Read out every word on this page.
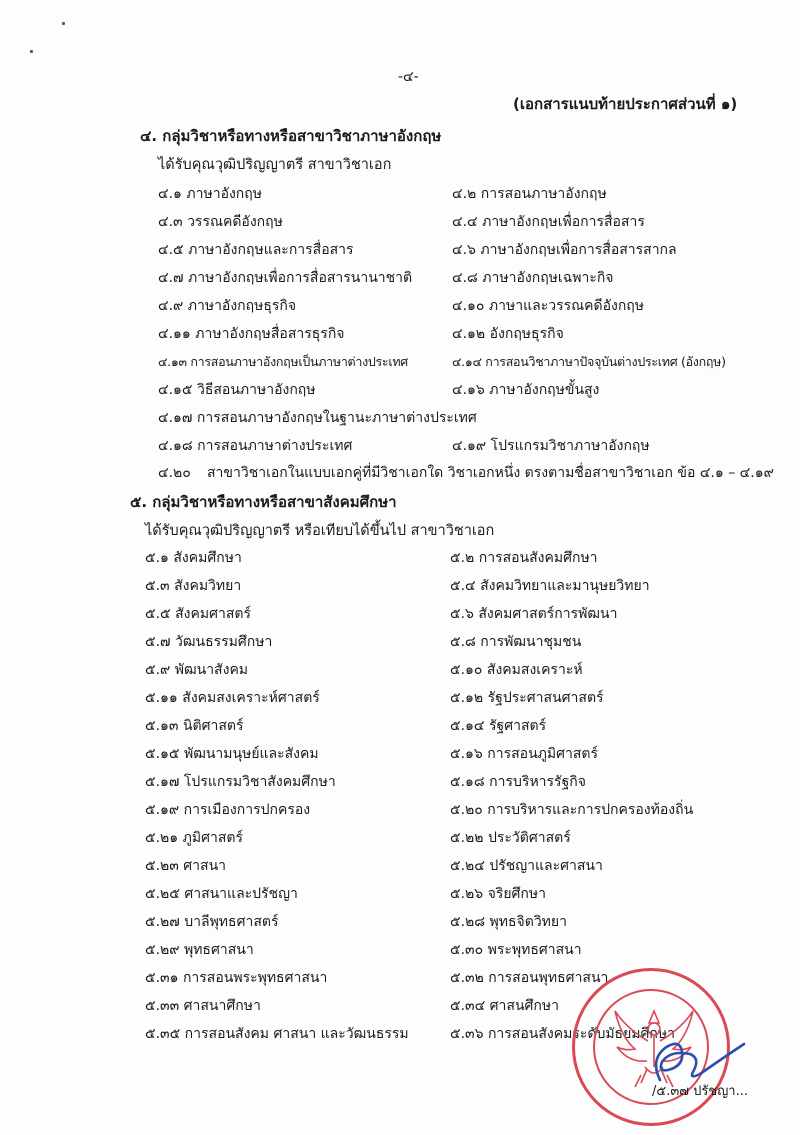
-๔-
(เอกสารแนบท้ายประกาศส่วนที่ ๑)
๔. กลุ่มวิชาหรือทางหรือสาขาวิชาภาษาอังกฤษ
ได้รับคุณวุฒิปริญญาตรี สาขาวิชาเอก
๔.๑ ภาษาอังกฤษ	๔.๒ การสอนภาษาอังกฤษ
๔.๓ วรรณคดีอังกฤษ	๔.๔ ภาษาอังกฤษเพื่อการสื่อสาร
๔.๕ ภาษาอังกฤษและการสื่อสาร	๔.๖ ภาษาอังกฤษเพื่อการสื่อสารสากล
๔.๗ ภาษาอังกฤษเพื่อการสื่อสารนานาชาติ	๔.๘ ภาษาอังกฤษเฉพาะกิจ
๔.๙ ภาษาอังกฤษธุรกิจ	๔.๑๐ ภาษาและวรรณคดีอังกฤษ
๔.๑๑ ภาษาอังกฤษสื่อสารธุรกิจ	๔.๑๒ อังกฤษธุรกิจ
๔.๑๓ การสอนภาษาอังกฤษเป็นภาษาต่างประเทศ	๔.๑๔ การสอนวิชาภาษาปัจจุบันต่างประเทศ (อังกฤษ)
๔.๑๕ วิธีสอนภาษาอังกฤษ	๔.๑๖ ภาษาอังกฤษขั้นสูง
๔.๑๗ การสอนภาษาอังกฤษในฐานะภาษาต่างประเทศ
๔.๑๘ การสอนภาษาต่างประเทศ	๔.๑๙ โปรแกรมวิชาภาษาอังกฤษ
๔.๒๐ สาขาวิชาเอกในแบบเอกคู่ที่มีวิชาเอกใด วิชาเอกหนึ่ง ตรงตามชื่อสาขาวิชาเอก ข้อ ๔.๑ – ๔.๑๙
๕. กลุ่มวิชาหรือทางหรือสาขาสังคมศึกษา
ได้รับคุณวุฒิปริญญาตรี หรือเทียบได้ขึ้นไป สาขาวิชาเอก
๕.๑ สังคมศึกษา	๕.๒ การสอนสังคมศึกษา
๕.๓ สังคมวิทยา	๕.๔ สังคมวิทยาและมานุษยวิทยา
๕.๕ สังคมศาสตร์	๕.๖ สังคมศาสตร์การพัฒนา
๕.๗ วัฒนธรรมศึกษา	๕.๘ การพัฒนาชุมชน
๕.๙ พัฒนาสังคม	๕.๑๐ สังคมสงเคราะห์
๕.๑๑ สังคมสงเคราะห์ศาสตร์	๕.๑๒ รัฐประศาสนศาสตร์
๕.๑๓ นิติศาสตร์	๕.๑๔ รัฐศาสตร์
๕.๑๕ พัฒนามนุษย์และสังคม	๕.๑๖ การสอนภูมิศาสตร์
๕.๑๗ โปรแกรมวิชาสังคมศึกษา	๕.๑๘ การบริหารรัฐกิจ
๕.๑๙ การเมืองการปกครอง	๕.๒๐ การบริหารและการปกครองท้องถิ่น
๕.๒๑ ภูมิศาสตร์	๕.๒๒ ประวัติศาสตร์
๕.๒๓ ศาสนา	๕.๒๔ ปรัชญาและศาสนา
๕.๒๕ ศาสนาและปรัชญา	๕.๒๖ จริยศึกษา
๕.๒๗ บาลีพุทธศาสตร์	๕.๒๘ พุทธจิตวิทยา
๕.๒๙ พุทธศาสนา	๕.๓๐ พระพุทธศาสนา
๕.๓๑ การสอนพระพุทธศาสนา	๕.๓๒ การสอนพุทธศาสนา
๕.๓๓ ศาสนาศึกษา	๕.๓๔ ศาสนศึกษา
๕.๓๕ การสอนสังคม ศาสนา และวัฒนธรรม	๕.๓๖ การสอนสังคมระดับมัธยมศึกษา
/๕.๓๗ ปรัชญา...
